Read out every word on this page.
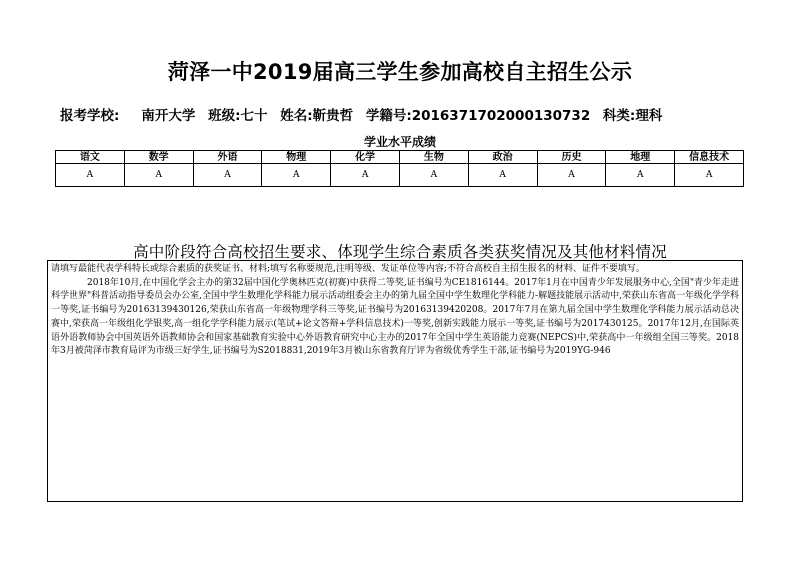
菏泽一中2019届高三学生参加高校自主招生公示
报考学校: 南开大学 班级:七十 姓名:靳贵哲 学籍号:2016371702000130732 科类:理科
学业水平成绩
语文	数学	外语	物理	化学	生物	政治	历史	地理	信息技术
A	A	A	A	A	A	A	A	A	A
高中阶段符合高校招生要求、体现学生综合素质各类获奖情况及其他材料情况

请填写最能代表学科特长或综合素质的获奖证书、材料;填写名称要规范,注明等级、发证单位等内容;不符合高校自主招生报名的材料、证件不要填写。

2018年10月,在中国化学会主办的第32届中国化学奥林匹克(初赛)中获得二等奖,证书编号为CE1816144。2017年1月在中国青少年发展服务中心,全国"青少年走进科学世界"科普活动指导委员会办公室,全国中学生数理化学科能力展示活动组委会主办的第九届全国中学生数理化学科能力-解题技能展示活动中,荣获山东省高一年级化学学科一等奖,证书编号为20163139430126,荣获山东省高一年级物理学科三等奖,证书编号为20163139420208。2017年7月在第九届全国中学生数理化学科能力展示活动总决赛中,荣获高一年级组化学银奖,高一组化学学科能力展示(笔试+论文答辩+学科信息技术)一等奖,创新实践能力展示一等奖,证书编号为2017430125。2017年12月,在国际英语外语教师协会中国英语外语教师协会和国家基础教育实验中心外语教育研究中心主办的2017年全国中学生英语能力竞赛(NEPCS)中,荣获高中一年级组全国三等奖。2018年3月被菏泽市教育局评为市级三好学生,证书编号为S2018831,2019年3月被山东省教育厅评为省级优秀学生干部,证书编号为2019YG-946
